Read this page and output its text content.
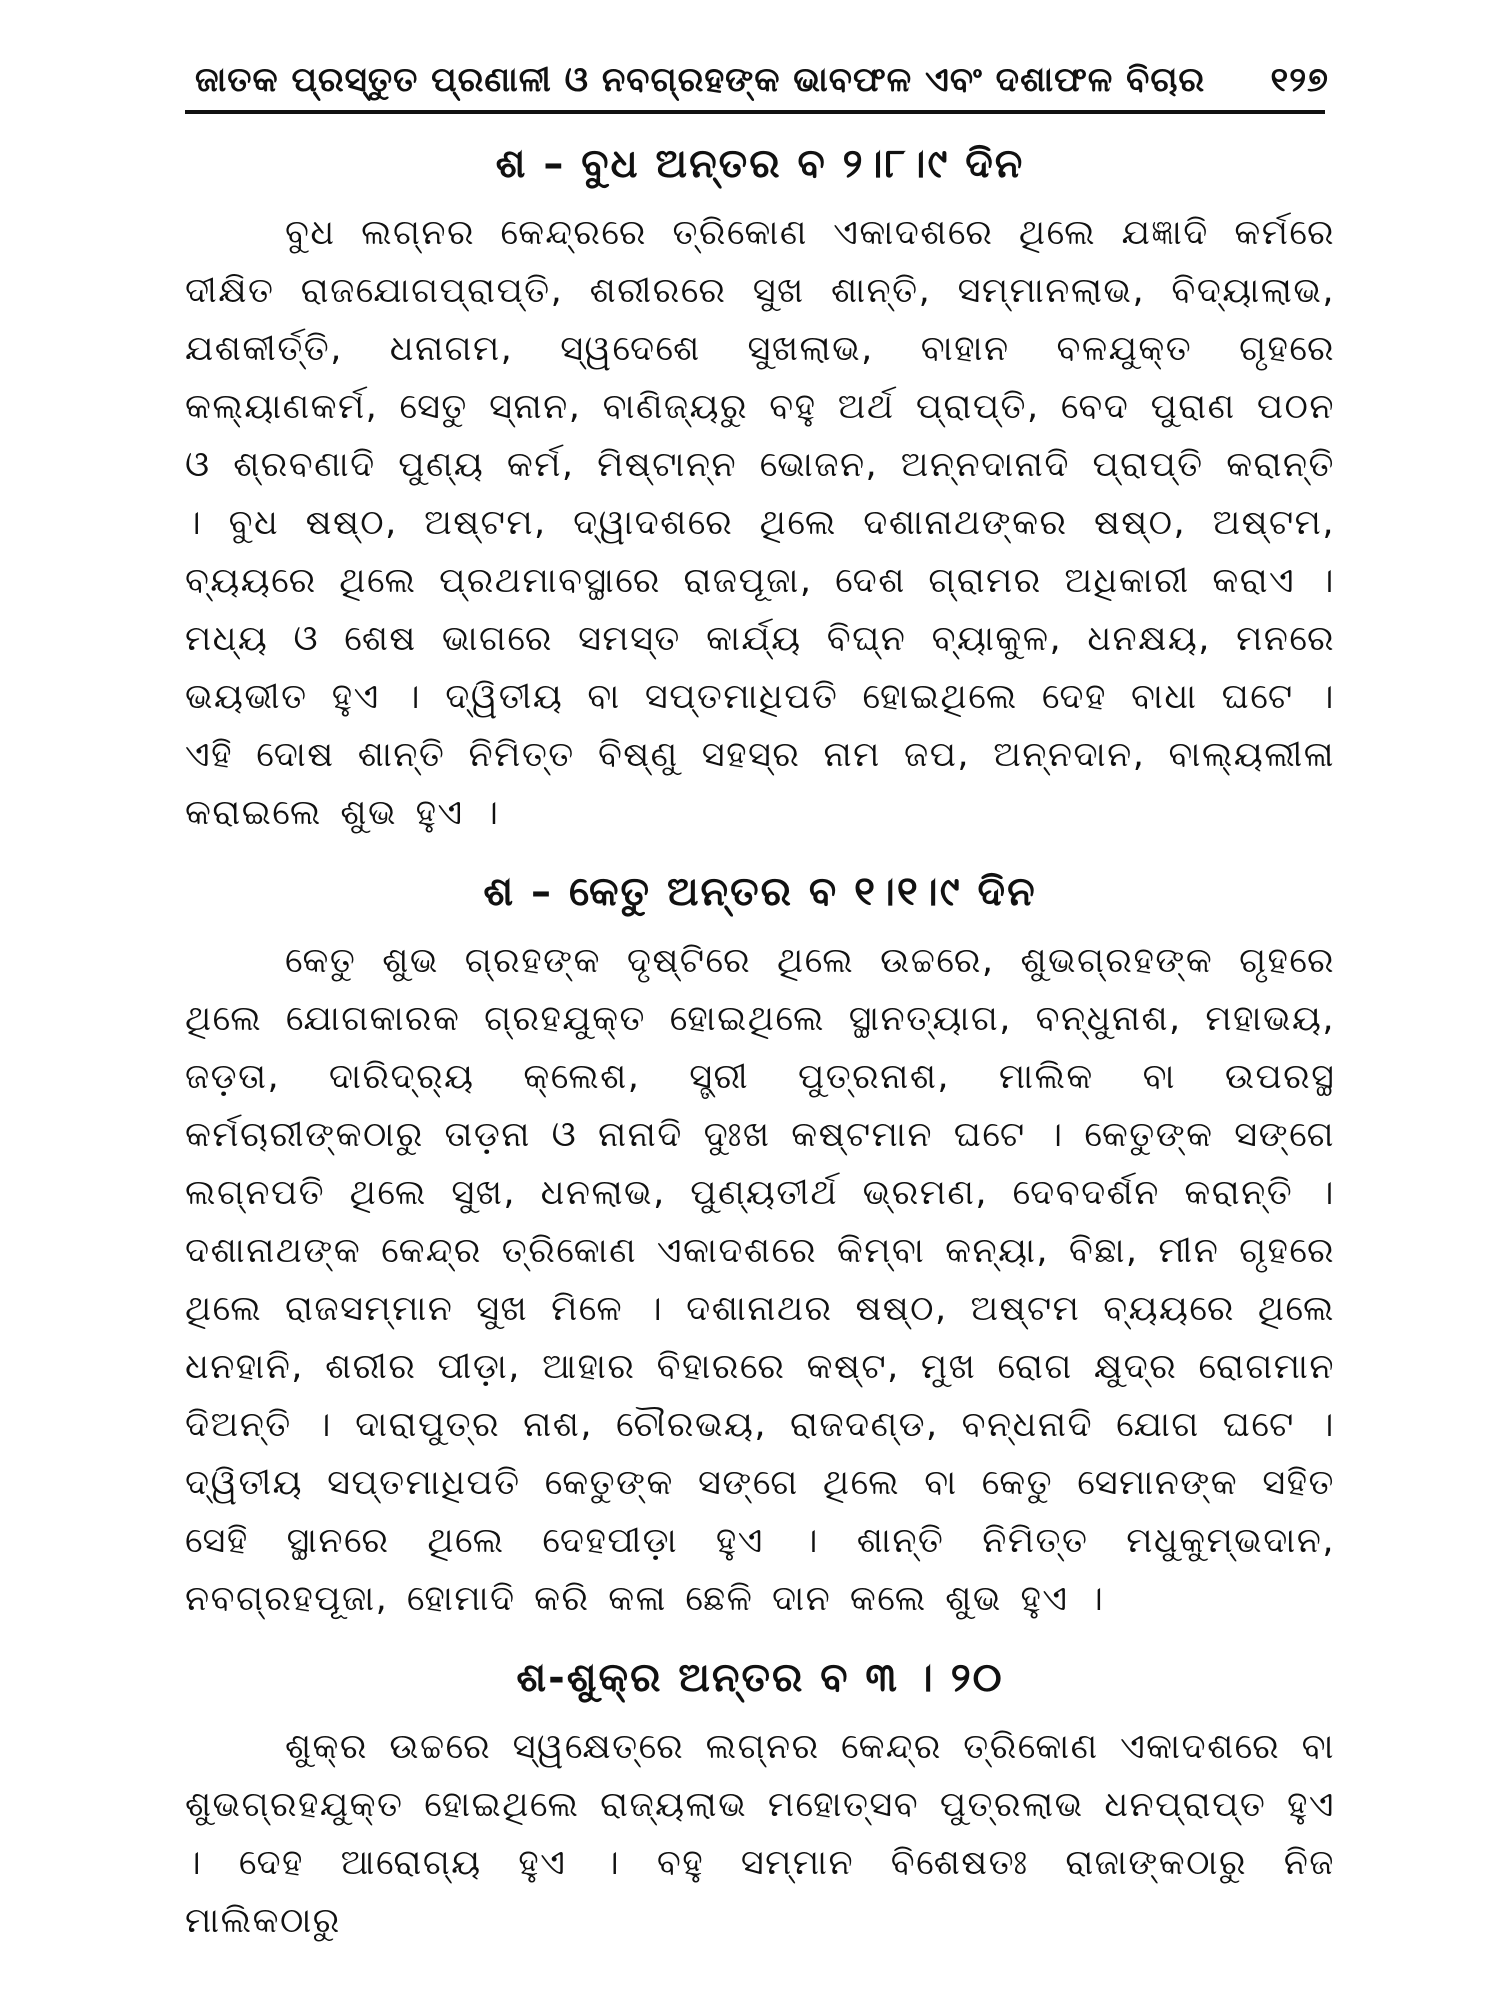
ଜାତକ ପ୍ରସ୍ତୁତ ପ୍ରଣାଳୀ ଓ ନବଗ୍ରହଙ୍କ ଭାବଫଳ ଏବଂ ଦଶାଫଳ ବିଚାର ୧୨୭
ଶ – ବୁଧ ଅନ୍ତର ବ ୨।୮।୯ ଦିନ

ବୁଧ ଲଗ୍ନର କେନ୍ଦ୍ରରେ ତ୍ରିକୋଣ ଏକାଦଶରେ ଥିଲେ ଯଜ୍ଞାଦି କର୍ମରେ ଦୀକ୍ଷିତ ରାଜଯୋଗପ୍ରାପ୍ତି, ଶରୀରରେ ସୁଖ ଶାନ୍ତି, ସମ୍ମାନଲାଭ, ବିଦ୍ୟାଲାଭ, ଯଶକୀର୍ତ୍ତି, ଧନାଗମ, ସ୍ୱଦେଶେ ସୁଖଲାଭ, ବାହାନ ବଳଯୁକ୍ତ ଗୃହରେ କଲ୍ୟାଣକର୍ମ, ସେତୁ ସ୍ନାନ, ବାଣିଜ୍ୟରୁ ବହୁ ଅର୍ଥ ପ୍ରାପ୍ତି, ବେଦ ପୁରାଣ ପଠନ ଓ ଶ୍ରବଣାଦି ପୁଣ୍ୟ କର୍ମ, ମିଷ୍ଟାନ୍ନ ଭୋଜନ, ଅନ୍ନଦାନାଦି ପ୍ରାପ୍ତି କରାନ୍ତି । ବୁଧ ଷଷ୍ଠ, ଅଷ୍ଟମ, ଦ୍ୱାଦଶରେ ଥିଲେ ଦଶାନାଥଙ୍କର ଷଷ୍ଠ, ଅଷ୍ଟମ, ବ୍ୟୟରେ ଥିଲେ ପ୍ରଥମାବସ୍ଥାରେ ରାଜପୂଜା, ଦେଶ ଗ୍ରାମର ଅଧିକାରୀ କରାଏ । ମଧ୍ୟ ଓ ଶେଷ ଭାଗରେ ସମସ୍ତ କାର୍ଯ୍ୟ ବିଘ୍ନ ବ୍ୟାକୁଳ, ଧନକ୍ଷୟ, ମନରେ ଭୟଭୀତ ହୁଏ । ଦ୍ୱିତୀୟ ବା ସପ୍ତମାଧିପତି ହୋଇଥିଲେ ଦେହ ବାଧା ଘଟେ । ଏହି ଦୋଷ ଶାନ୍ତି ନିମିତ୍ତ ବିଷ୍ଣୁ ସହସ୍ର ନାମ ଜପ, ଅନ୍ନଦାନ, ବାଲ୍ୟଲୀଳା କରାଇଲେ ଶୁଭ ହୁଏ ।

ଶ – କେତୁ ଅନ୍ତର ବ ୧।୧।୯ ଦିନ

କେତୁ ଶୁଭ ଗ୍ରହଙ୍କ ଦୃଷ୍ଟିରେ ଥିଲେ ଉଚ୍ଚରେ, ଶୁଭଗ୍ରହଙ୍କ ଗୃହରେ ଥିଲେ ଯୋଗକାରକ ଗ୍ରହଯୁକ୍ତ ହୋଇଥିଲେ ସ୍ଥାନତ୍ୟାଗ, ବନ୍ଧୁନାଶ, ମହାଭୟ, ଜଡ଼ତା, ଦାରିଦ୍ର୍ୟ କ୍ଲେଶ, ସ୍ତ୍ରୀ ପୁତ୍ରନାଶ, ମାଲିକ ବା ଉପରସ୍ଥ କର୍ମଚାରୀଙ୍କଠାରୁ ତାଡ଼ନା ଓ ନାନାଦି ଦୁଃଖ କଷ୍ଟମାନ ଘଟେ । କେତୁଙ୍କ ସଙ୍ଗେ ଲଗ୍ନପତି ଥିଲେ ସୁଖ, ଧନଲାଭ, ପୁଣ୍ୟତୀର୍ଥ ଭ୍ରମଣ, ଦେବଦର୍ଶନ କରାନ୍ତି । ଦଶାନାଥଙ୍କ କେନ୍ଦ୍ର ତ୍ରିକୋଣ ଏକାଦଶରେ କିମ୍ବା କନ୍ୟା, ବିଛା, ମୀନ ଗୃହରେ ଥିଲେ ରାଜସମ୍ମାନ ସୁଖ ମିଳେ । ଦଶାନାଥର ଷଷ୍ଠ, ଅଷ୍ଟମ ବ୍ୟୟରେ ଥିଲେ ଧନହାନି, ଶରୀର ପୀଡ଼ା, ଆହାର ବିହାରରେ କଷ୍ଟ, ମୁଖ ରୋଗ କ୍ଷୁଦ୍ର ରୋଗମାନ ଦିଅନ୍ତି । ଦାରାପୁତ୍ର ନାଶ, ଚୌରଭୟ, ରାଜଦଣ୍ଡ, ବନ୍ଧନାଦି ଯୋଗ ଘଟେ । ଦ୍ୱିତୀୟ ସପ୍ତମାଧିପତି କେତୁଙ୍କ ସଙ୍ଗେ ଥିଲେ ବା କେତୁ ସେମାନଙ୍କ ସହିତ ସେହି ସ୍ଥାନରେ ଥିଲେ ଦେହପୀଡ଼ା ହୁଏ । ଶାନ୍ତି ନିମିତ୍ତ ମଧୁକୁମ୍ଭଦାନ, ନବଗ୍ରହପୂଜା, ହୋମାଦି କରି କଳା ଛେଳି ଦାନ କଲେ ଶୁଭ ହୁଏ ।

ଶ-ଶୁକ୍ର ଅନ୍ତର ବ ୩ । ୨୦

ଶୁକ୍ର ଉଚ୍ଚରେ ସ୍ୱକ୍ଷେତ୍ରେ ଲଗ୍ନର କେନ୍ଦ୍ର ତ୍ରିକୋଣ ଏକାଦଶରେ ବା ଶୁଭଗ୍ରହଯୁକ୍ତ ହୋଇଥିଲେ ରାଜ୍ୟଲାଭ ମହୋତ୍ସବ ପୁତ୍ରଲାଭ ଧନପ୍ରାପ୍ତ ହୁଏ । ଦେହ ଆରୋଗ୍ୟ ହୁଏ । ବହୁ ସମ୍ମାନ ବିଶେଷତଃ ରାଜାଙ୍କଠାରୁ ନିଜ ମାଲିକଠାରୁ
